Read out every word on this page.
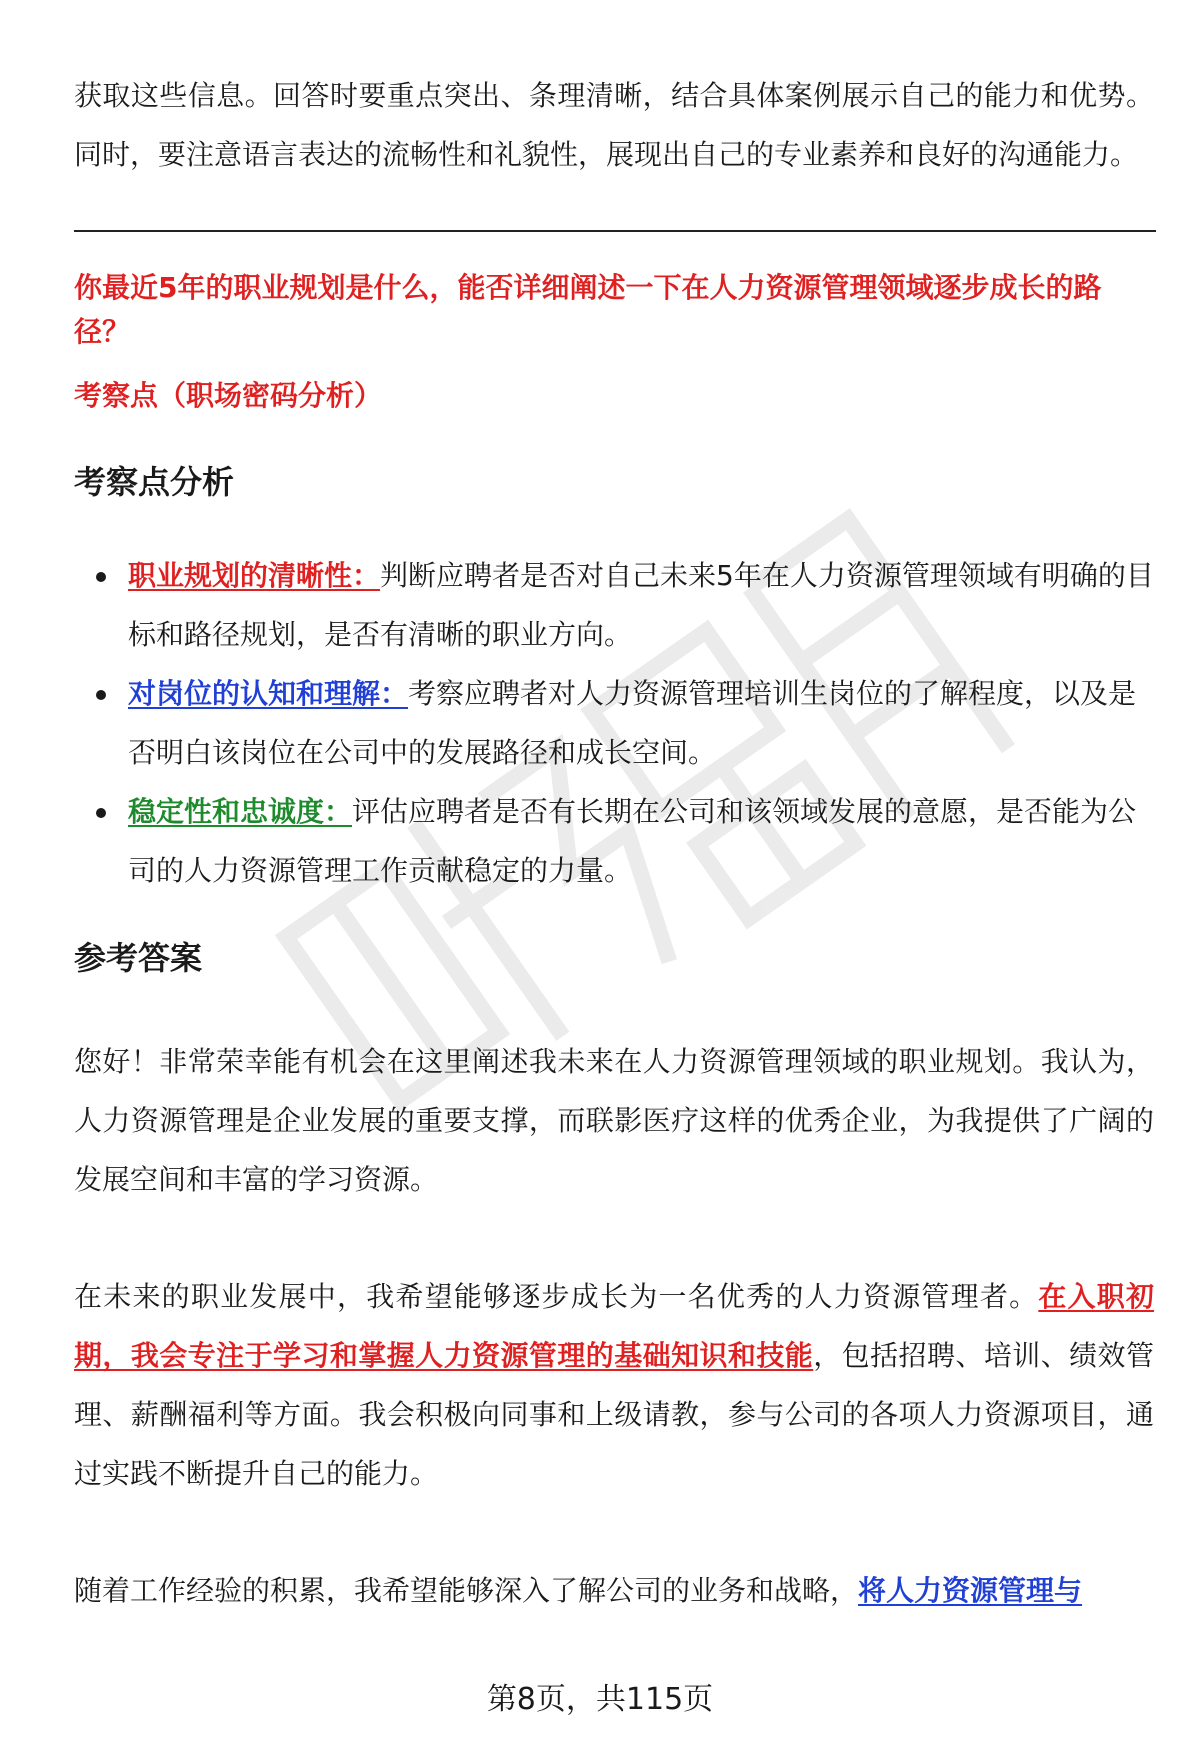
获取这些信息。回答时要重点突出、条理清晰，结合具体案例展示自己的能力和优势。同时，要注意语言表达的流畅性和礼貌性，展现出自己的专业素养和良好的沟通能力。

你最近5年的职业规划是什么，能否详细阐述一下在人力资源管理领域逐步成长的路径？

考察点（职场密码分析）

考察点分析
职业规划的清晰性：判断应聘者是否对自己未来5年在人力资源管理领域有明确的目标和路径规划，是否有清晰的职业方向。
对岗位的认知和理解：考察应聘者对人力资源管理培训生岗位的了解程度，以及是否明白该岗位在公司中的发展路径和成长空间。
稳定性和忠诚度：评估应聘者是否有长期在公司和该领域发展的意愿，是否能为公司的人力资源管理工作贡献稳定的力量。
参考答案

您好！非常荣幸能有机会在这里阐述我未来在人力资源管理领域的职业规划。我认为，人力资源管理是企业发展的重要支撑，而联影医疗这样的优秀企业，为我提供了广阔的发展空间和丰富的学习资源。

在未来的职业发展中，我希望能够逐步成长为一名优秀的人力资源管理者。在入职初期，我会专注于学习和掌握人力资源管理的基础知识和技能，包括招聘、培训、绩效管理、薪酬福利等方面。我会积极向同事和上级请教，参与公司的各项人力资源项目，通过实践不断提升自己的能力。

随着工作经验的积累，我希望能够深入了解公司的业务和战略，将人力资源管理与

第8页，共115页
